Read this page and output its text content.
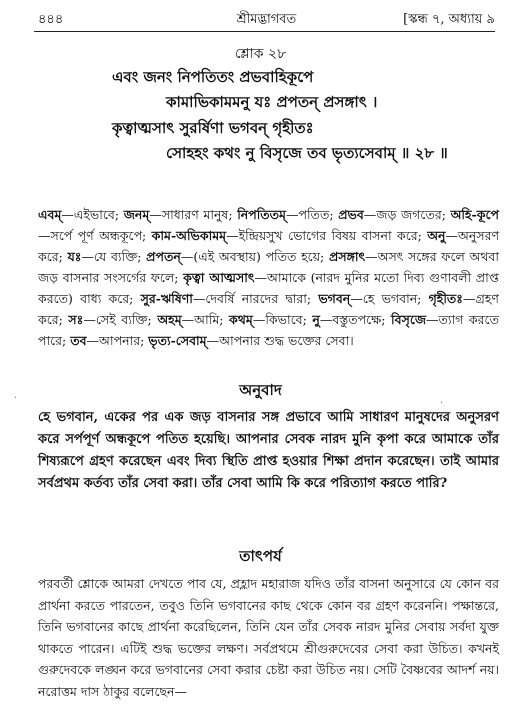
৪৪৪	শ্রীমদ্ভাগবত	[স্কন্ধ ৭, অধ্যায় ৯
শ্লোক ২৮
এবং জনং নিপতিতং প্রভবাহিকূপে
কামাভিকামমনু যঃ প্রপতন্ প্রসঙ্গাৎ ।
কৃত্বাত্মসাৎ সুরর্ষিণা ভগবন্ গৃহীতঃ
সোহহং কথং নু বিসৃজে তব ভৃত্যসেবাম্ ॥ ২৮ ॥
এবম্—এইভাবে; জনম্—সাধারণ মানুষ; নিপতিতম্—পতিত; প্রভব—জড় জগতের; অহি-কূপে—সর্পে পূর্ণ অন্ধকূপে; কাম-অভিকামম্—ইন্দ্রিয়সুখ ভোগের বিষয় বাসনা করে; অনু—অনুসরণ করে; যঃ—যে ব্যক্তি; প্রপতন্—(এই অবস্থায়) পতিত হয়ে; প্রসঙ্গাৎ—অসৎ সঙ্গের ফলে অথবা জড় বাসনার সংসর্গের ফলে; কৃত্বা আত্মসাৎ—আমাকে (নারদ মুনির মতো দিব্য গুণাবলী প্রাপ্ত করতে) বাধ্য করে; সুর-ঋষিণা—দেবর্ষি নারদের দ্বারা; ভগবন্—হে ভগবান; গৃহীতঃ—গ্রহণ করে; সঃ—সেই ব্যক্তি; অহম্—আমি; কথম্—কিভাবে; নু—বস্তুতপক্ষে; বিসৃজে—ত্যাগ করতে পারে; তব—আপনার; ভৃত্য-সেবাম্—আপনার শুদ্ধ ভক্তের সেবা।
অনুবাদ
হে ভগবান, একের পর এক জড় বাসনার সঙ্গ প্রভাবে আমি সাধারণ মানুষদের অনুসরণ করে সর্পপূর্ণ অন্ধকূপে পতিত হয়েছি। আপনার সেবক নারদ মুনি কৃপা করে আমাকে তাঁর শিষ্যরূপে গ্রহণ করেছেন এবং দিব্য স্থিতি প্রাপ্ত হওয়ার শিক্ষা প্রদান করেছেন। তাই আমার সর্বপ্রথম কর্তব্য তাঁর সেবা করা। তাঁর সেবা আমি কি করে পরিত্যাগ করতে পারি?
তাৎপর্য
পরবর্তী শ্লোকে আমরা দেখতে পাব যে, প্রহ্লাদ মহারাজ যদিও তাঁর বাসনা অনুসারে যে কোন বর প্রার্থনা করতে পারতেন, তবুও তিনি ভগবানের কাছ থেকে কোন বর গ্রহণ করেননি। পক্ষান্তরে, তিনি ভগবানের কাছে প্রার্থনা করেছিলেন, তিনি যেন তাঁর সেবক নারদ মুনির সেবায় সর্বদা যুক্ত থাকতে পারেন। এটিই শুদ্ধ ভক্তের লক্ষণ। সর্বপ্রথমে শ্রীগুরুদেবের সেবা করা উচিত। কখনই গুরুদেবকে লঙ্ঘন করে ভগবানের সেবা করার চেষ্টা করা উচিত নয়। সেটি বৈষ্ণবের আদর্শ নয়। নরোত্তম দাস ঠাকুর বলেছেন—
·	·
